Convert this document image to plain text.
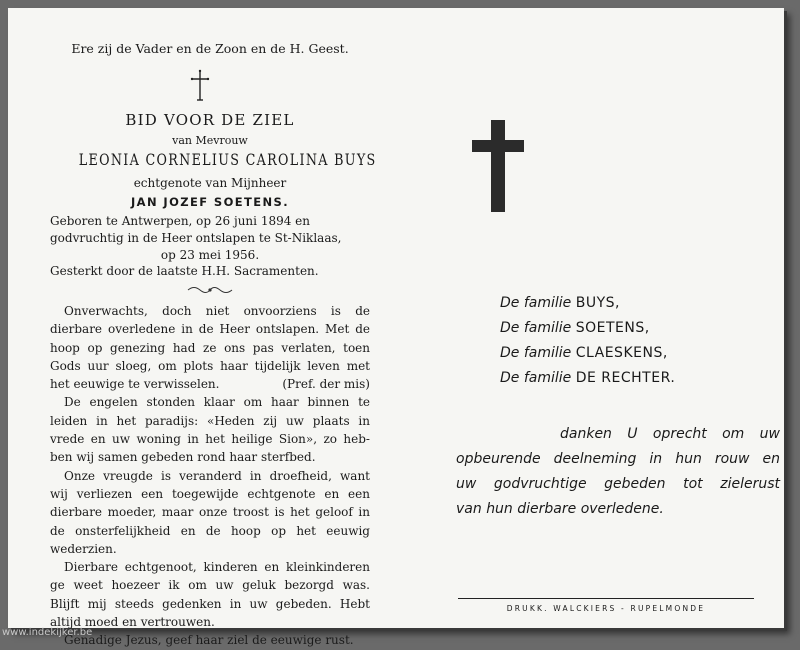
Ere zij de Vader en de Zoon en de H. Geest.
BID VOOR DE ZIEL
van Mevrouw
LEONIA CORNELIUS CAROLINA BUYS
echtgenote van Mijnheer
JAN JOZEF SOETENS.
Geboren te Antwerpen, op 26 juni 1894 en
godvruchtig in de Heer ontslapen te St-Niklaas,
op 23 mei 1956.
Gesterkt door de laatste H.H. Sacramenten.
Onverwachts, doch niet onvoorziens is de
dierbare overledene in de Heer ontslapen. Met de
hoop op genezing had ze ons pas verlaten, toen
Gods uur sloeg, om plots haar tijdelijk leven met
het eeuwige te verwisselen.	(Pref. der mis)
De engelen stonden klaar om haar binnen te
leiden in het paradijs: «Heden zij uw plaats in
vrede en uw woning in het heilige Sion», zo heb-
ben wij samen gebeden rond haar sterfbed.
Onze vreugde is veranderd in droefheid, want
wij verliezen een toegewijde echtgenote en een
dierbare moeder, maar onze troost is het geloof in
de onsterfelijkheid en de hoop op het eeuwig
wederzien.
Dierbare echtgenoot, kinderen en kleinkinderen
ge weet hoezeer ik om uw geluk bezorgd was.
Blijft mij steeds gedenken in uw gebeden. Hebt
altijd moed en vertrouwen.
Genadige Jezus, geef haar ziel de eeuwige rust.
De familie BUYS,
De familie SOETENS,
De familie CLAESKENS,
De familie DE RECHTER.
danken U oprecht om uw
opbeurende deelneming in hun rouw en
uw godvruchtige gebeden tot zielerust
van hun dierbare overledene.
DRUKK. WALCKIERS - RUPELMONDE
www.indekijker.be
